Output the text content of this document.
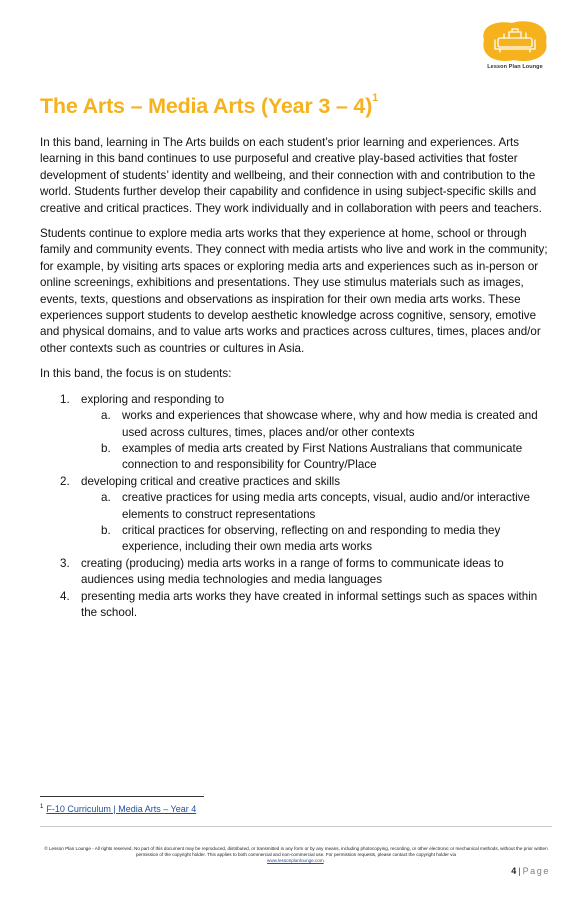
Lesson Plan Lounge
The Arts – Media Arts (Year 3 – 4)$^1$

In this band, learning in The Arts builds on each student’s prior learning and experiences. Arts learning in this band continues to use purposeful and creative play-based activities that foster development of students’ identity and wellbeing, and their connection with and contribution to the world. Students further develop their capability and confidence in using subject-specific skills and creative and critical practices. They work individually and in collaboration with peers and teachers.

Students continue to explore media arts works that they experience at home, school or through family and community events. They connect with media artists who live and work in the community; for example, by visiting arts spaces or exploring media arts and experiences such as in-person or online screenings, exhibitions and presentations. They use stimulus materials such as images, events, texts, questions and observations as inspiration for their own media arts works. These experiences support students to develop aesthetic knowledge across cognitive, sensory, emotive and physical domains, and to value arts works and practices across cultures, times, places and/or other contexts such as countries or cultures in Asia.

In this band, the focus is on students:

1. exploring and responding to
a. works and experiences that showcase where, why and how media is created and used across cultures, times, places and/or other contexts
b. examples of media arts created by First Nations Australians that communicate connection to and responsibility for Country/Place
2. developing critical and creative practices and skills
a. creative practices for using media arts concepts, visual, audio and/or interactive elements to construct representations
b. critical practices for observing, reflecting on and responding to media they experience, including their own media arts works
3. creating (producing) media arts works in a range of forms to communicate ideas to audiences using media technologies and media languages
4. presenting media arts works they have created in informal settings such as spaces within the school.
$^1$ F-10 Curriculum | Media Arts – Year 4
© Lesson Plan Lounge - All rights reserved. No part of this document may be reproduced, distributed, or transmitted in any form or by any means, including photocopying, recording, or other electronic or mechanical methods, without the prior written permission of the copyright holder. This applies to both commercial and non-commercial use. For permission requests, please contact the copyright holder via
www.lessonplanlounge.com.
4 | Page
